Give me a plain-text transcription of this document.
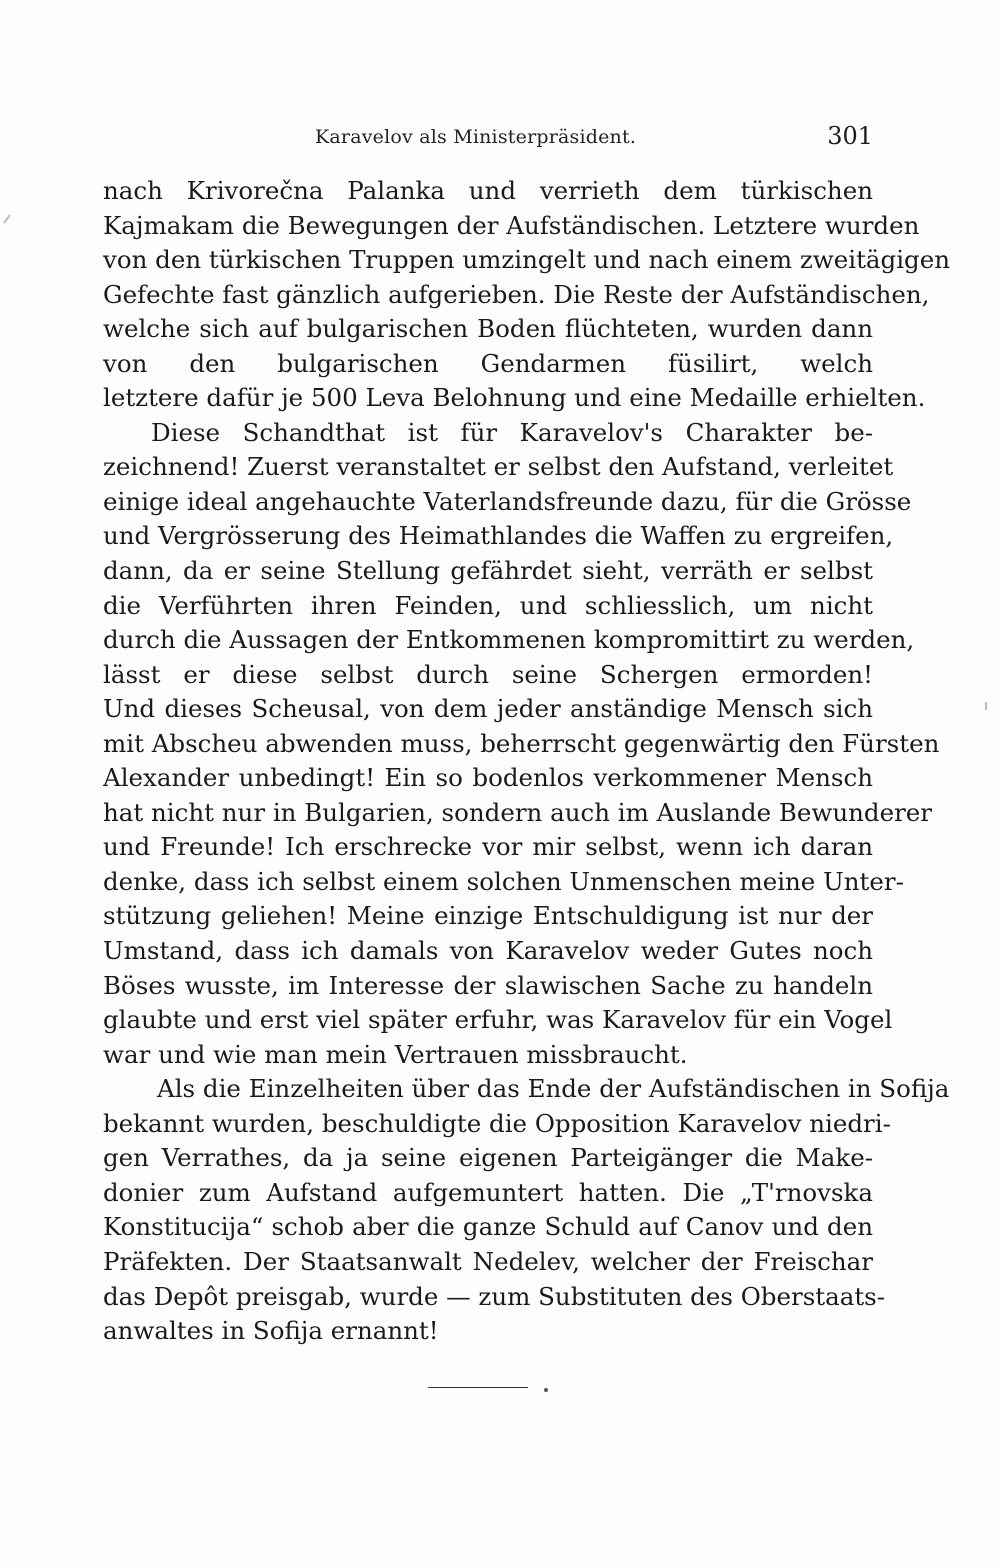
Karavelov als Ministerpräsident.	301
nach Krivorečna Palanka und verrieth dem türkischen
Kajmakam die Bewegungen der Aufständischen. Letztere wurden
von den türkischen Truppen umzingelt und nach einem zweitägigen
Gefechte fast gänzlich aufgerieben. Die Reste der Aufständischen,
welche sich auf bulgarischen Boden flüchteten, wurden dann
von den bulgarischen Gendarmen füsilirt, welch
letztere dafür je 500 Leva Belohnung und eine Medaille erhielten.
Diese Schandthat ist für Karavelov's Charakter be-
zeichnend! Zuerst veranstaltet er selbst den Aufstand, verleitet
einige ideal angehauchte Vaterlandsfreunde dazu, für die Grösse
und Vergrösserung des Heimathlandes die Waffen zu ergreifen,
dann, da er seine Stellung gefährdet sieht, verräth er selbst
die Verführten ihren Feinden, und schliesslich, um nicht
durch die Aussagen der Entkommenen kompromittirt zu werden,
lässt er diese selbst durch seine Schergen ermorden!
Und dieses Scheusal, von dem jeder anständige Mensch sich
mit Abscheu abwenden muss, beherrscht gegenwärtig den Fürsten
Alexander unbedingt! Ein so bodenlos verkommener Mensch
hat nicht nur in Bulgarien, sondern auch im Auslande Bewunderer
und Freunde! Ich erschrecke vor mir selbst, wenn ich daran
denke, dass ich selbst einem solchen Unmenschen meine Unter-
stützung geliehen! Meine einzige Entschuldigung ist nur der
Umstand, dass ich damals von Karavelov weder Gutes noch
Böses wusste, im Interesse der slawischen Sache zu handeln
glaubte und erst viel später erfuhr, was Karavelov für ein Vogel
war und wie man mein Vertrauen missbraucht.
Als die Einzelheiten über das Ende der Aufständischen in Sofija
bekannt wurden, beschuldigte die Opposition Karavelov niedri-
gen Verrathes, da ja seine eigenen Parteigänger die Make-
donier zum Aufstand aufgemuntert hatten. Die „T'rnovska
Konstitucija“ schob aber die ganze Schuld auf Canov und den
Präfekten. Der Staatsanwalt Nedelev, welcher der Freischar
das Depôt preisgab, wurde — zum Substituten des Oberstaats-
anwaltes in Sofija ernannt!
